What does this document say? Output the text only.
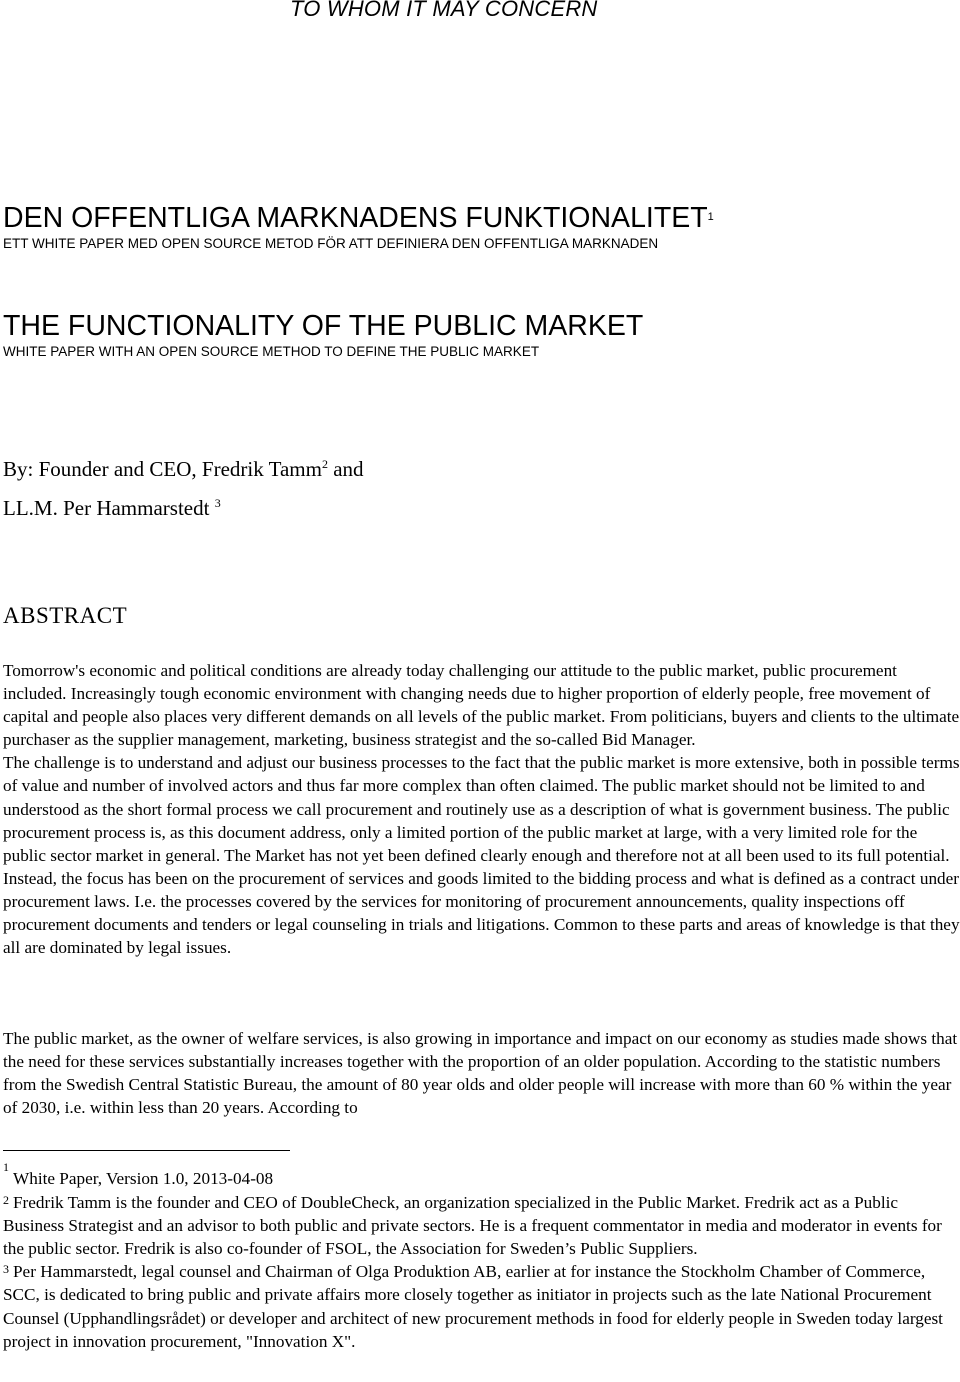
TO WHOM IT MAY CONCERN

DEN OFFENTLIGA MARKNADENS FUNKTIONALITET$^1$

ETT WHITE PAPER MED OPEN SOURCE METOD FÖR ATT DEFINIERA DEN OFFENTLIGA MARKNADEN

THE FUNCTIONALITY OF THE PUBLIC MARKET

WHITE PAPER WITH AN OPEN SOURCE METHOD TO DEFINE THE PUBLIC MARKET

By: Founder and CEO, Fredrik Tamm$^2$ and

LL.M. Per Hammarstedt $^3$

ABSTRACT

Tomorrow's economic and political conditions are already today challenging our attitude to the public market, public procurement included. Increasingly tough economic environment with changing needs due to higher proportion of elderly people, free movement of capital and people also places very different demands on all levels of the public market. From politicians, buyers and clients to the ultimate purchaser as the supplier management, marketing, business strategist and the so-called Bid Manager.

The challenge is to understand and adjust our business processes to the fact that the public market is more extensive, both in possible terms of value and number of involved actors and thus far more complex than often claimed. The public market should not be limited to and understood as the short formal process we call procurement and routinely use as a description of what is government business. The public procurement process is, as this document address, only a limited portion of the public market at large, with a very limited role for the public sector market in general. The Market has not yet been defined clearly enough and therefore not at all been used to its full potential. Instead, the focus has been on the procurement of services and goods limited to the bidding process and what is defined as a contract under procurement laws. I.e. the processes covered by the services for monitoring of procurement announcements, quality inspections off procurement documents and tenders or legal counseling in trials and litigations. Common to these parts and areas of knowledge is that they all are dominated by legal issues.

The public market, as the owner of welfare services, is also growing in importance and impact on our economy as studies made shows that the need for these services substantially increases together with the proportion of an older population. According to the statistic numbers from the Swedish Central Statistic Bureau, the amount of 80 year olds and older people will increase with more than 60 % within the year of 2030, i.e. within less than 20 years. According to

$^1$White Paper, Version 1.0, 2013-04-08

$^2$ Fredrik Tamm is the founder and CEO of DoubleCheck, an organization specialized in the Public Market. Fredrik act as a Public Business Strategist and an advisor to both public and private sectors. He is a frequent commentator in media and moderator in events for the public sector. Fredrik is also co-founder of FSOL, the Association for Sweden’s Public Suppliers.

$^3$ Per Hammarstedt, legal counsel and Chairman of Olga Produktion AB, earlier at for instance the Stockholm Chamber of Commerce, SCC, is dedicated to bring public and private affairs more closely together as initiator in projects such as the late National Procurement Counsel (Upphandlingsrådet) or developer and architect of new procurement methods in food for elderly people in Sweden today largest project in innovation procurement, "Innovation X".
